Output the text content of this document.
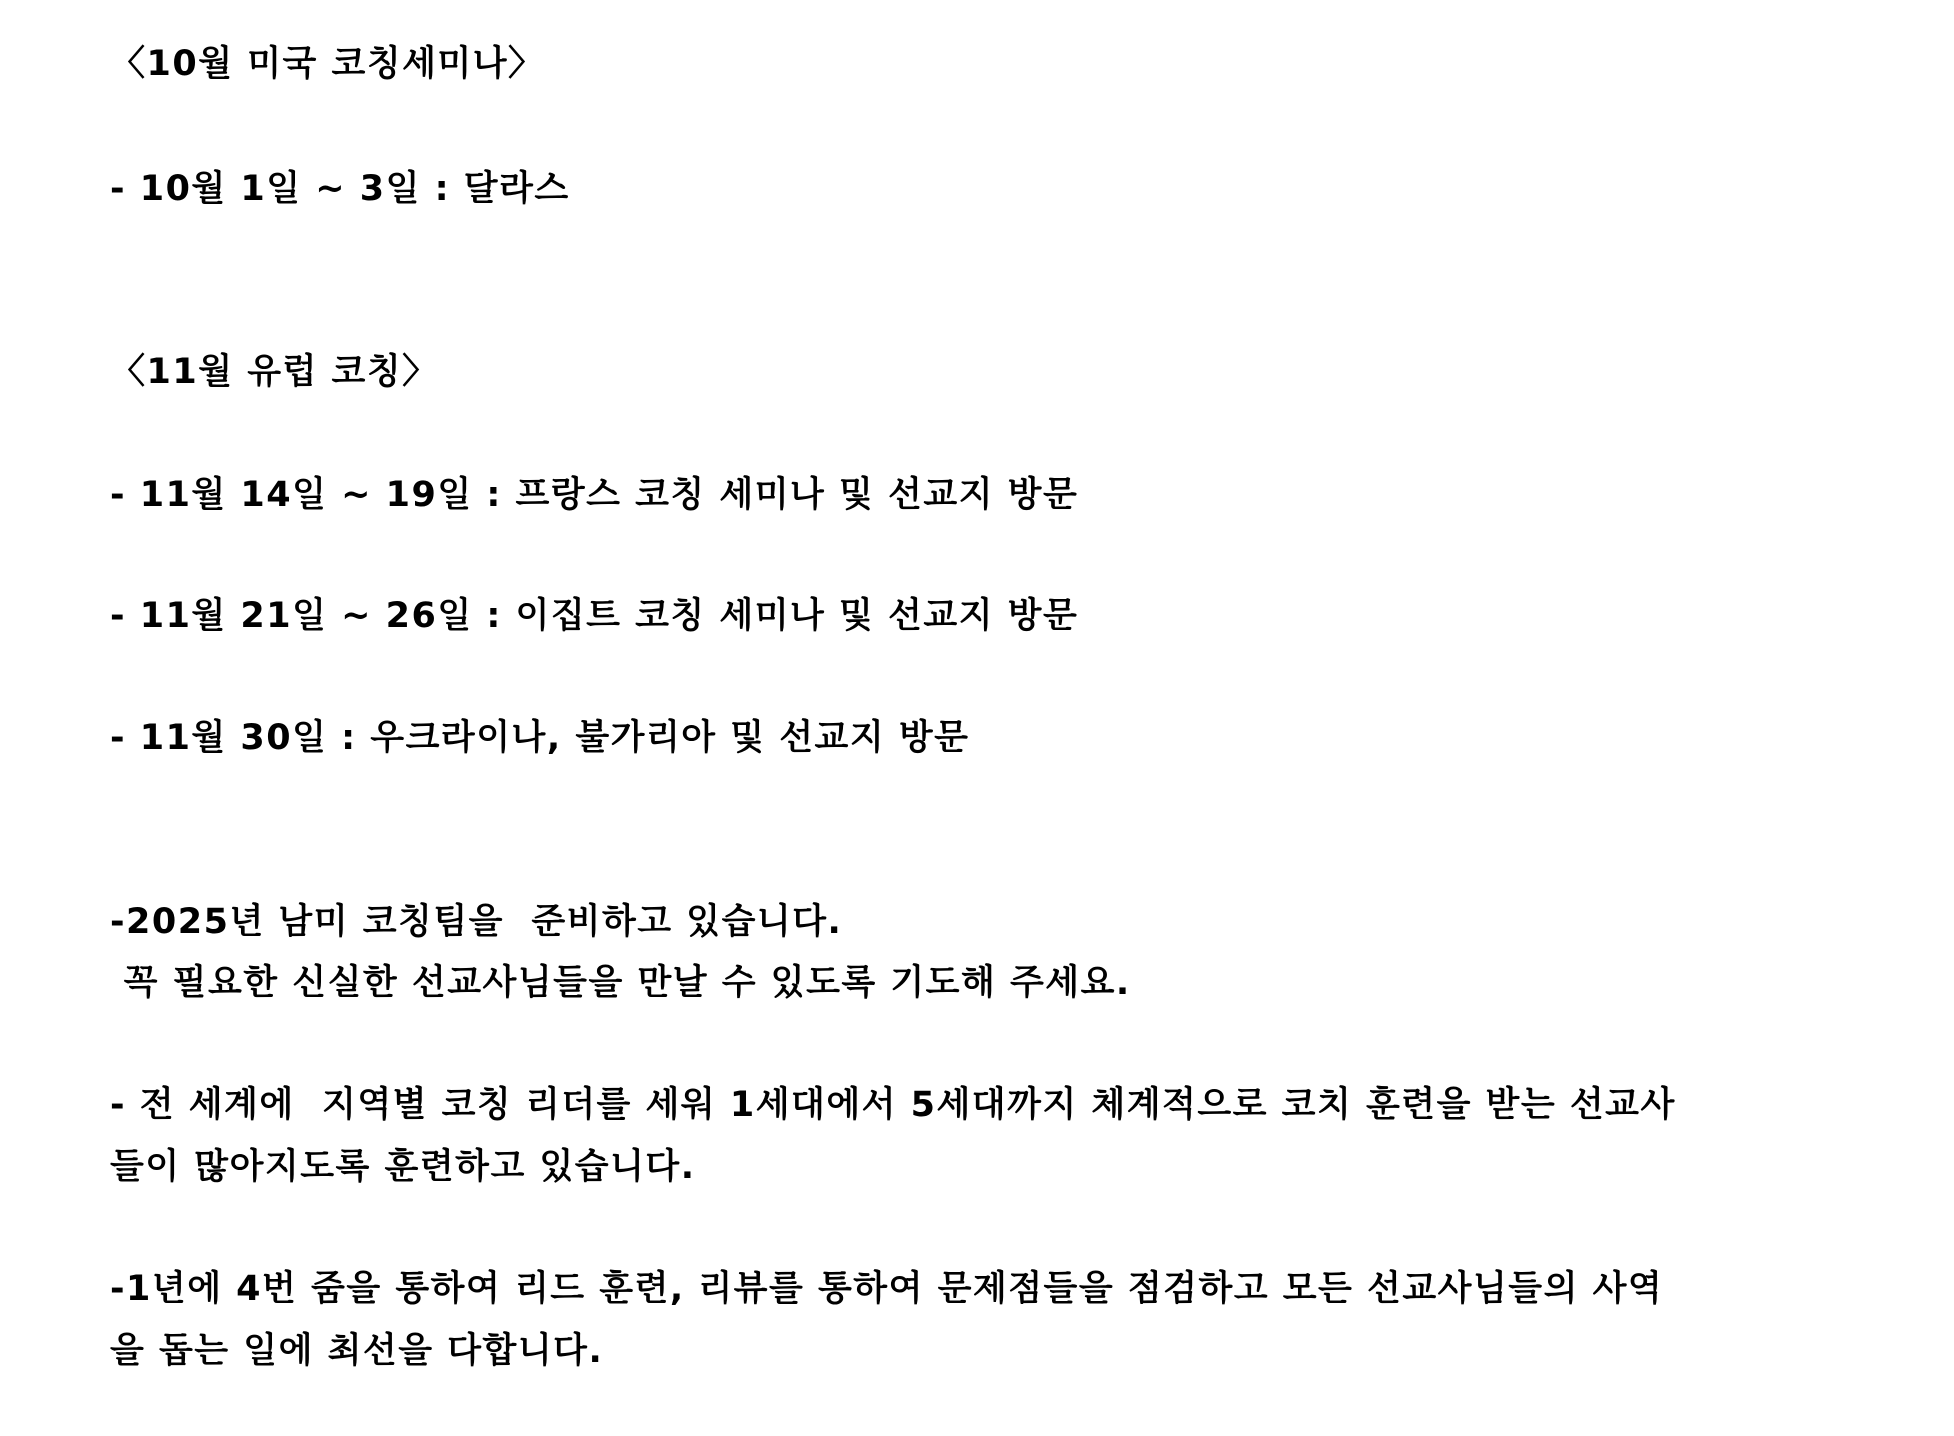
〈10월 미국 코칭세미나〉
- 10월 1일 ~ 3일 : 달라스
〈11월 유럽 코칭〉
- 11월 14일 ~ 19일 : 프랑스 코칭 세미나 및 선교지 방문
- 11월 21일 ~ 26일 : 이집트 코칭 세미나 및 선교지 방문
- 11월 30일 : 우크라이나, 불가리아 및 선교지 방문
-2025년 남미 코칭팀을  준비하고 있습니다.
꼭 필요한 신실한 선교사님들을 만날 수 있도록 기도해 주세요.
- 전 세계에  지역별 코칭 리더를 세워 1세대에서 5세대까지 체계적으로 코치 훈련을 받는 선교사
들이 많아지도록 훈련하고 있습니다.
-1년에 4번 줌을 통하여 리드 훈련, 리뷰를 통하여 문제점들을 점검하고 모든 선교사님들의 사역
을 돕는 일에 최선을 다합니다.
